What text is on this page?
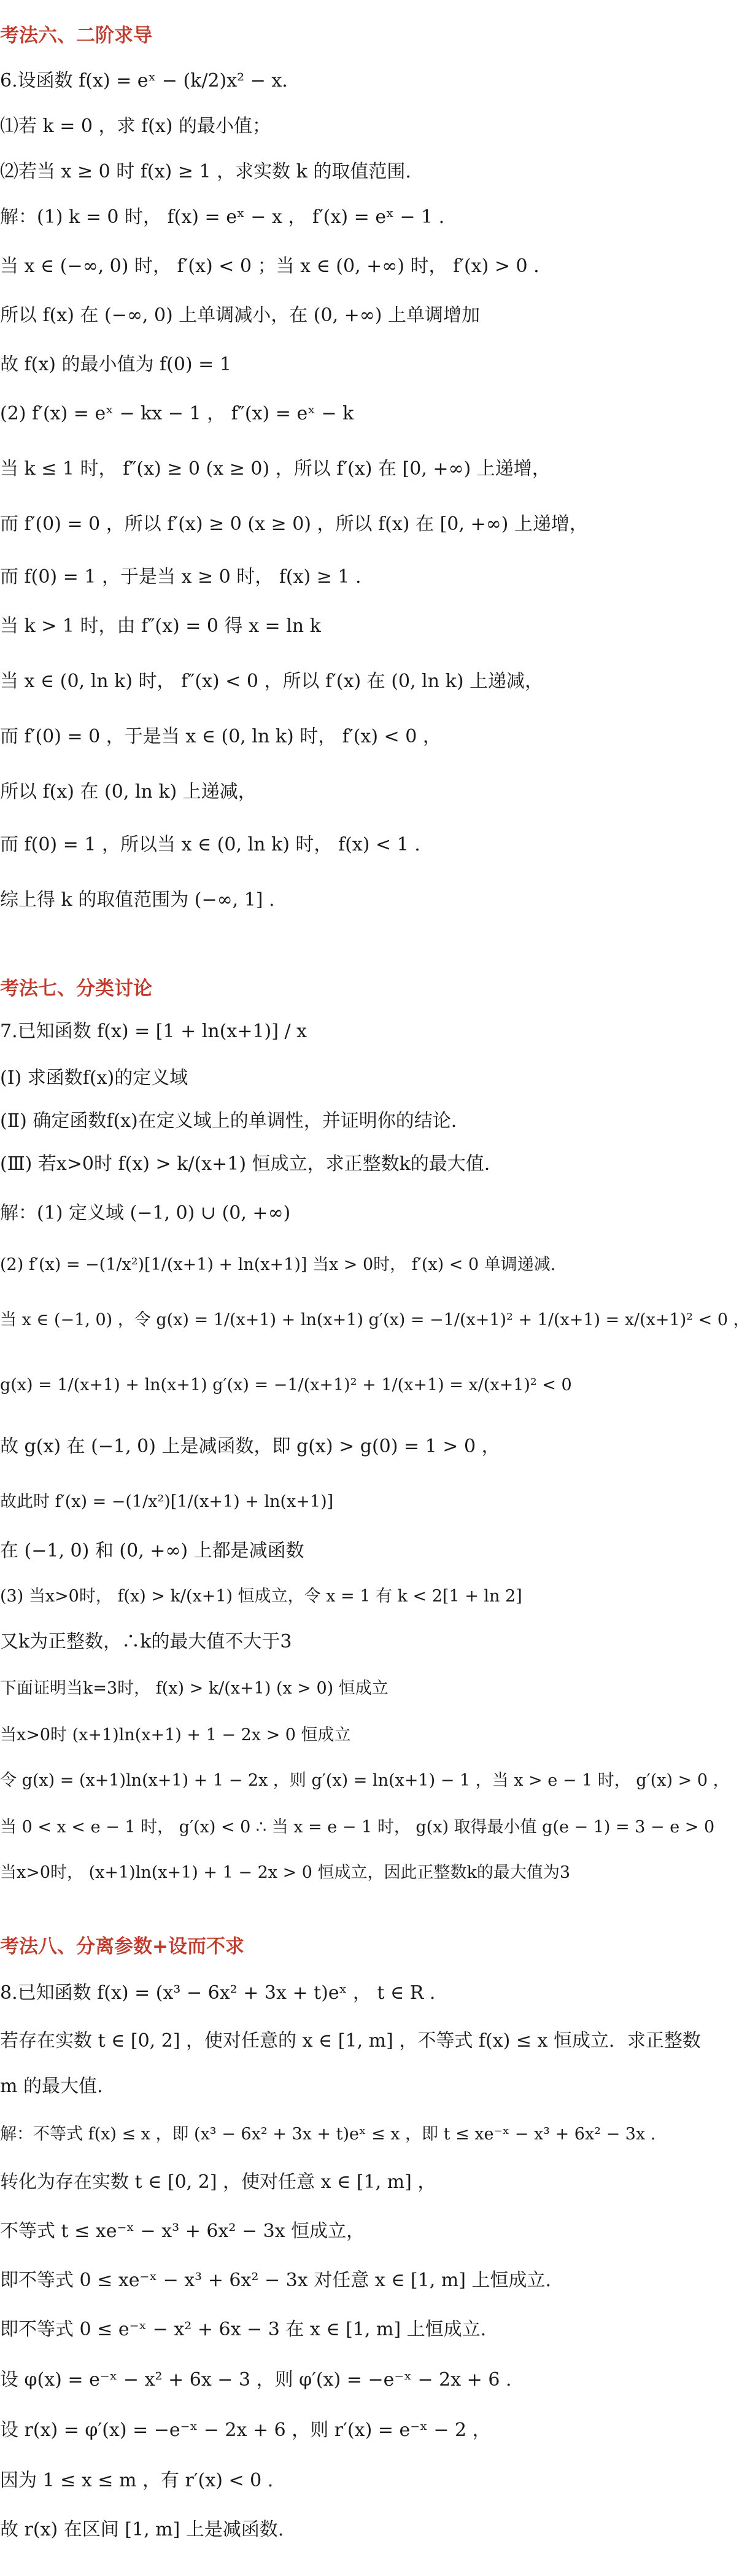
考法六、二阶求导
6.设函数 f(x) = eˣ − (k/2)x² − x．
⑴若 k = 0 ，求 f(x) 的最小值；
⑵若当 x ≥ 0 时 f(x) ≥ 1 ，求实数 k 的取值范围.
解：(1) k = 0 时， f(x) = eˣ − x ， f′(x) = eˣ − 1 .
当 x ∈ (−∞, 0) 时， f′(x) < 0 ；当 x ∈ (0, +∞) 时， f′(x) > 0 .
所以 f(x) 在 (−∞, 0) 上单调减小，在 (0, +∞) 上单调增加
故 f(x) 的最小值为 f(0) = 1
(2) f′(x) = eˣ − kx − 1 ， f″(x) = eˣ − k
当 k ≤ 1 时， f″(x) ≥ 0 (x ≥ 0) ，所以 f′(x) 在 [0, +∞) 上递增，
而 f′(0) = 0 ，所以 f′(x) ≥ 0 (x ≥ 0) ，所以 f(x) 在 [0, +∞) 上递增，
而 f(0) = 1 ，于是当 x ≥ 0 时， f(x) ≥ 1 .
当 k > 1 时，由 f″(x) = 0 得 x = ln k
当 x ∈ (0, ln k) 时， f″(x) < 0 ，所以 f′(x) 在 (0, ln k) 上递减，
而 f′(0) = 0 ，于是当 x ∈ (0, ln k) 时， f′(x) < 0 ，
所以 f(x) 在 (0, ln k) 上递减，
而 f(0) = 1 ，所以当 x ∈ (0, ln k) 时， f(x) < 1 .
综上得 k 的取值范围为 (−∞, 1] .
考法七、分类讨论
7.已知函数 f(x) = [1 + ln(x+1)] / x
(Ⅰ) 求函数f(x)的定义域
(Ⅱ) 确定函数f(x)在定义域上的单调性，并证明你的结论.
(Ⅲ) 若x>0时 f(x) > k/(x+1) 恒成立，求正整数k的最大值.
解：(1) 定义域 (−1, 0) ∪ (0, +∞)
(2) f′(x) = −(1/x²)[1/(x+1) + ln(x+1)] 当x > 0时， f′(x) < 0 单调递减.
当 x ∈ (−1, 0) ，令 g(x) = 1/(x+1) + ln(x+1) g′(x) = −1/(x+1)² + 1/(x+1) = x/(x+1)² < 0 ，
g(x) = 1/(x+1) + ln(x+1) g′(x) = −1/(x+1)² + 1/(x+1) = x/(x+1)² < 0
故 g(x) 在 (−1, 0) 上是减函数，即 g(x) > g(0) = 1 > 0 ，
故此时 f′(x) = −(1/x²)[1/(x+1) + ln(x+1)]
在 (−1, 0) 和 (0, +∞) 上都是减函数
(3) 当x>0时， f(x) > k/(x+1) 恒成立，令 x = 1 有 k < 2[1 + ln 2]
又k为正整数，∴k的最大值不大于3
下面证明当k=3时， f(x) > k/(x+1) (x > 0) 恒成立
当x>0时 (x+1)ln(x+1) + 1 − 2x > 0 恒成立
令 g(x) = (x+1)ln(x+1) + 1 − 2x ，则 g′(x) = ln(x+1) − 1 ，当 x > e − 1 时， g′(x) > 0 ，
当 0 < x < e − 1 时， g′(x) < 0 ∴ 当 x = e − 1 时， g(x) 取得最小值 g(e − 1) = 3 − e > 0
当x>0时， (x+1)ln(x+1) + 1 − 2x > 0 恒成立，因此正整数k的最大值为3
考法八、分离参数+设而不求
8.已知函数 f(x) = (x³ − 6x² + 3x + t)eˣ ， t ∈ R .
若存在实数 t ∈ [0, 2] ，使对任意的 x ∈ [1, m] ，不等式 f(x) ≤ x 恒成立．求正整数
m 的最大值.
解：不等式 f(x) ≤ x ，即 (x³ − 6x² + 3x + t)eˣ ≤ x ，即 t ≤ xe⁻ˣ − x³ + 6x² − 3x .
转化为存在实数 t ∈ [0, 2] ，使对任意 x ∈ [1, m] ，
不等式 t ≤ xe⁻ˣ − x³ + 6x² − 3x 恒成立，
即不等式 0 ≤ xe⁻ˣ − x³ + 6x² − 3x 对任意 x ∈ [1, m] 上恒成立.
即不等式 0 ≤ e⁻ˣ − x² + 6x − 3 在 x ∈ [1, m] 上恒成立.
设 φ(x) = e⁻ˣ − x² + 6x − 3 ，则 φ′(x) = −e⁻ˣ − 2x + 6 .
设 r(x) = φ′(x) = −e⁻ˣ − 2x + 6 ，则 r′(x) = e⁻ˣ − 2 ，
因为 1 ≤ x ≤ m ，有 r′(x) < 0 .
故 r(x) 在区间 [1, m] 上是减函数.
